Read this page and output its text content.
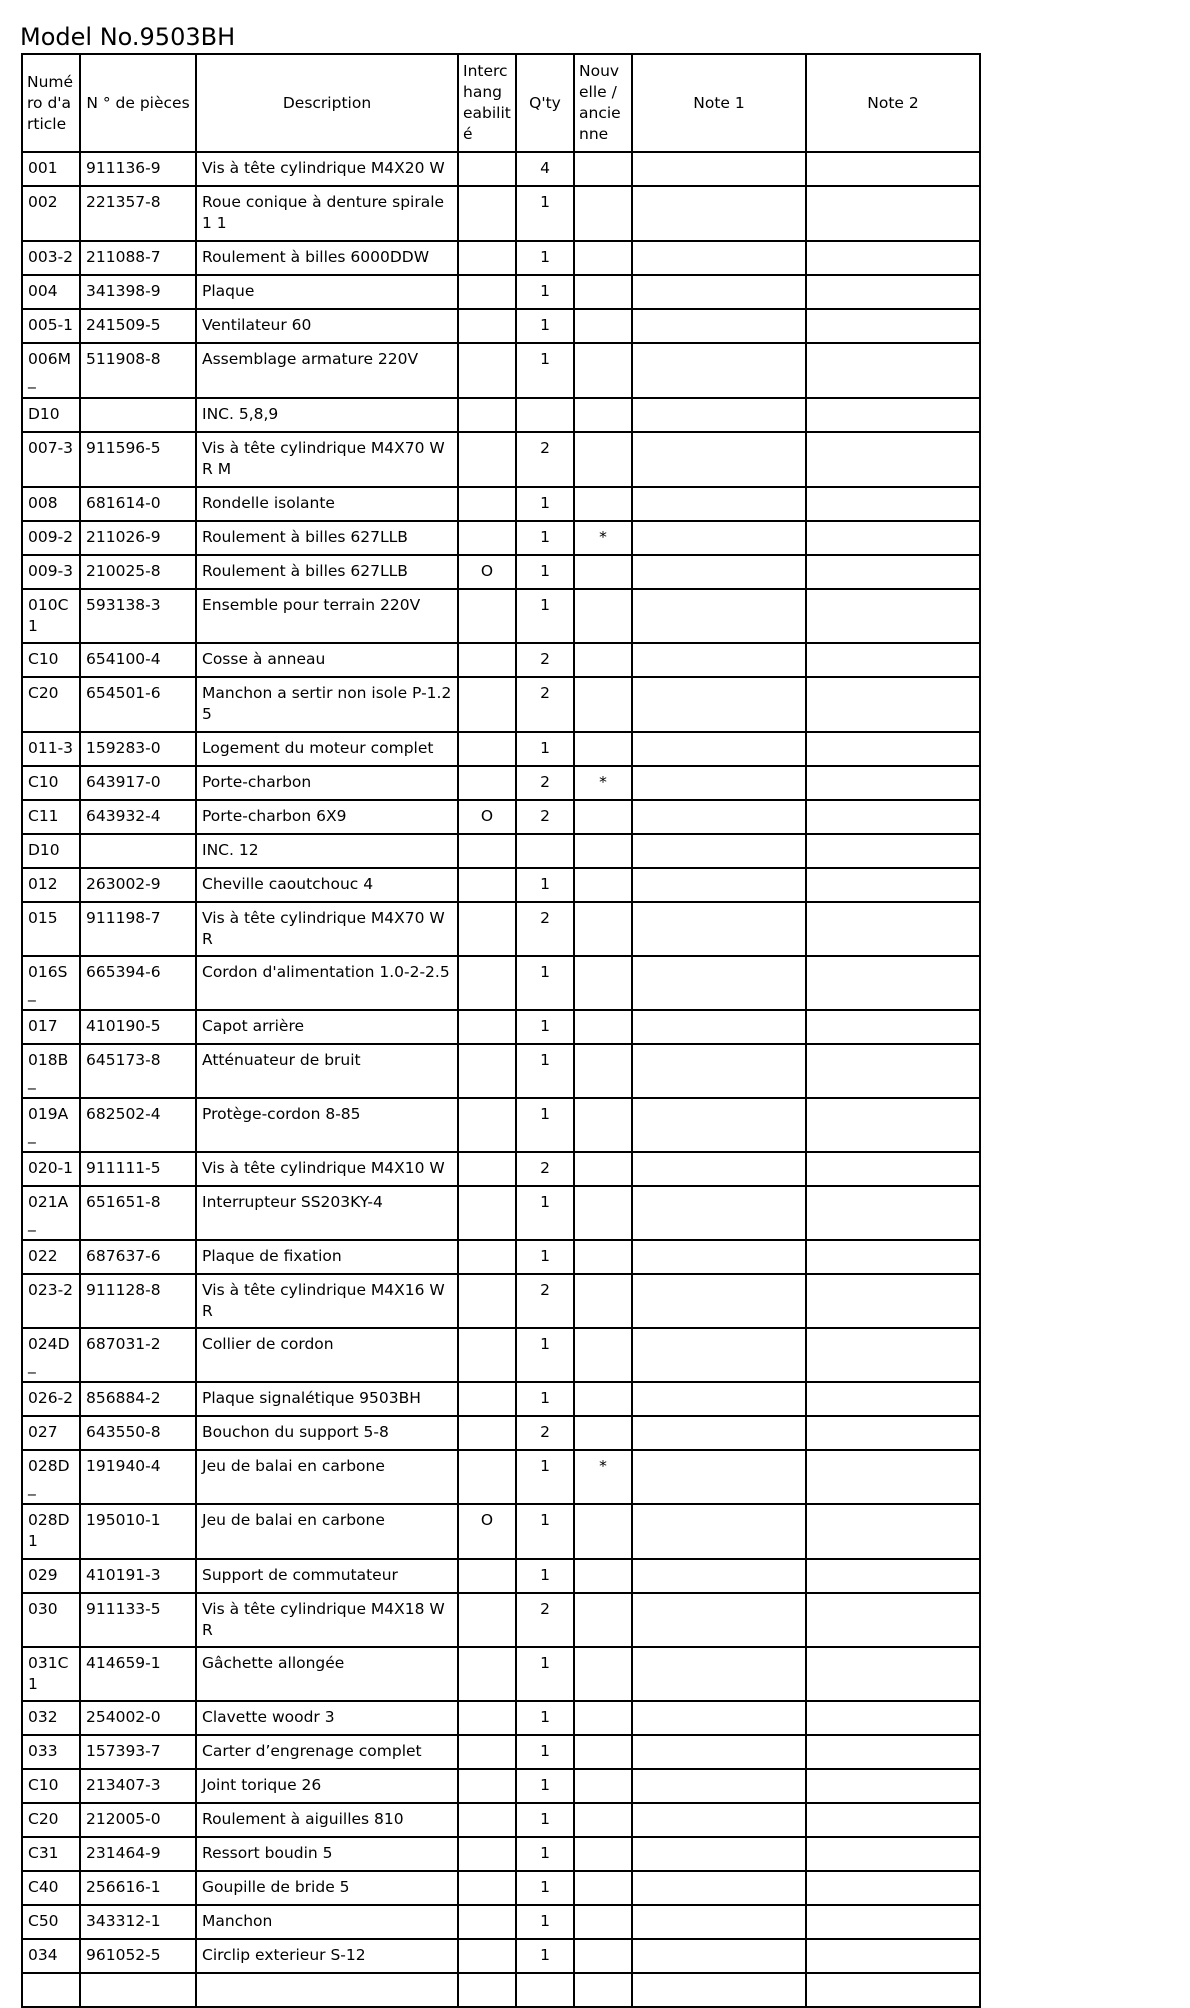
Model No.9503BH
Numé ro d'a rticle	N ° de pièces	Description	Interc hang eabilit é	Q'ty	Nouv elle / ancie nne	Note 1	Note 2
001	911136-9	Vis à tête cylindrique M4X20 W		4			
002	221357-8	Roue conique à denture spirale 1 1		1			
003-2	211088-7	Roulement à billes 6000DDW		1			
004	341398-9	Plaque		1			
005-1	241509-5	Ventilateur 60		1			
006M _	511908-8	Assemblage armature 220V		1			
D10		INC. 5,8,9					
007-3	911596-5	Vis à tête cylindrique M4X70 WR M		2			
008	681614-0	Rondelle isolante		1			
009-2	211026-9	Roulement à billes 627LLB		1	*		
009-3	210025-8	Roulement à billes 627LLB	O	1			
010C1	593138-3	Ensemble pour terrain 220V		1			
C10	654100-4	Cosse à anneau		2			
C20	654501-6	Manchon a sertir non isole P-1.2 5		2			
011-3	159283-0	Logement du moteur complet		1			
C10	643917-0	Porte-charbon		2	*		
C11	643932-4	Porte-charbon 6X9	O	2			
D10		INC. 12					
012	263002-9	Cheville caoutchouc 4		1			
015	911198-7	Vis à tête cylindrique M4X70 WR		2			
016S_	665394-6	Cordon d'alimentation 1.0-2-2.5		1			
017	410190-5	Capot arrière		1			
018B_	645173-8	Atténuateur de bruit		1			
019A_	682502-4	Protège-cordon 8-85		1			
020-1	911111-5	Vis à tête cylindrique M4X10 W		2			
021A_	651651-8	Interrupteur SS203KY-4		1			
022	687637-6	Plaque de fixation		1			
023-2	911128-8	Vis à tête cylindrique M4X16 WR		2			
024D_	687031-2	Collier de cordon		1			
026-2	856884-2	Plaque signalétique 9503BH		1			
027	643550-8	Bouchon du support 5-8		2			
028D_	191940-4	Jeu de balai en carbone		1	*		
028D 1	195010-1	Jeu de balai en carbone	O	1			
029	410191-3	Support de commutateur		1			
030	911133-5	Vis à tête cylindrique M4X18 WR		2			
031C1	414659-1	Gâchette allongée		1			
032	254002-0	Clavette woodr 3		1			
033	157393-7	Carter d’engrenage complet		1			
C10	213407-3	Joint torique 26		1			
C20	212005-0	Roulement à aiguilles 810		1			
C31	231464-9	Ressort boudin 5		1			
C40	256616-1	Goupille de bride 5		1			
C50	343312-1	Manchon		1			
034	961052-5	Circlip exterieur S-12		1			
